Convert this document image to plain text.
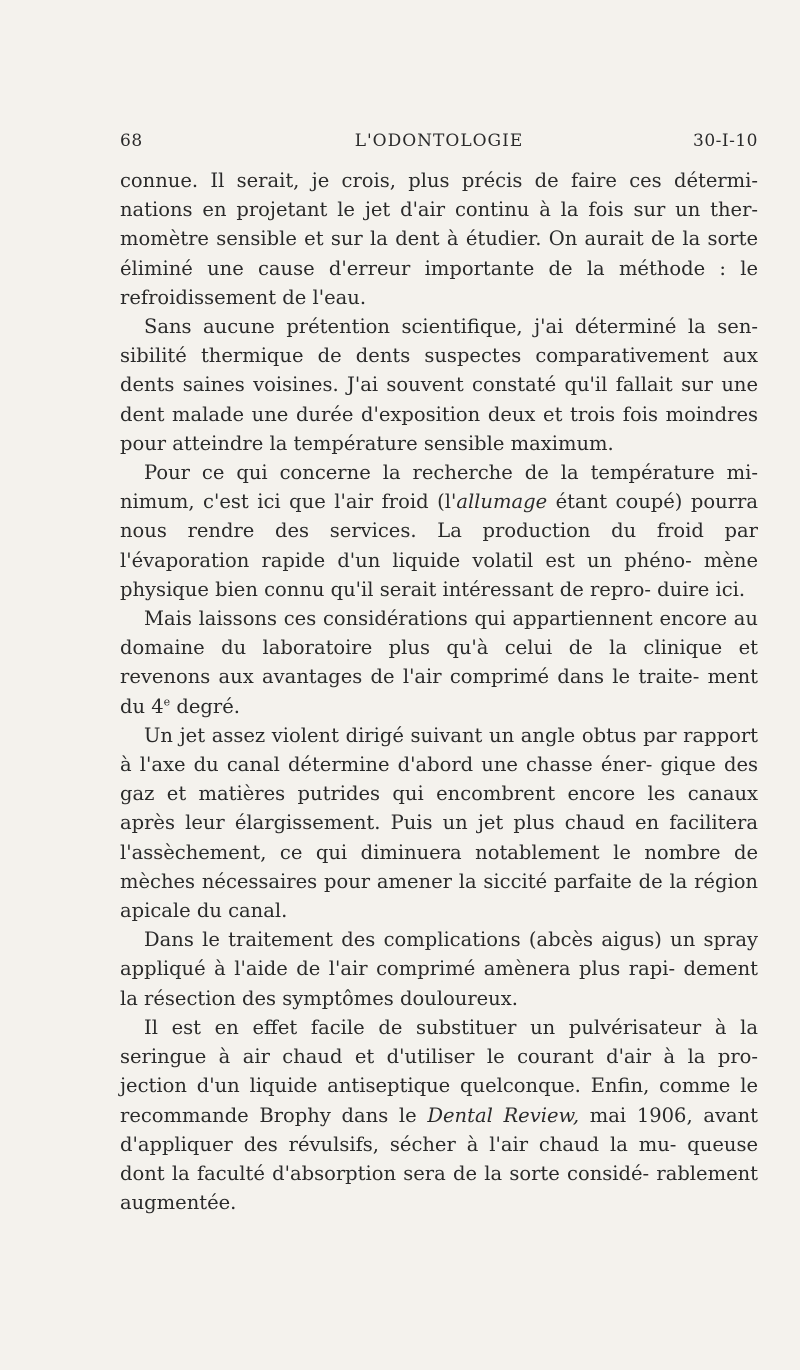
68	L'ODONTOLOGIE	30-I-10

connue. Il serait, je crois, plus précis de faire ces détermi- nations en projetant le jet d'air continu à la fois sur un ther- momètre sensible et sur la dent à étudier. On aurait de la sorte éliminé une cause d'erreur importante de la méthode : le refroidissement de l'eau.

Sans aucune prétention scientifique, j'ai déterminé la sen- sibilité thermique de dents suspectes comparativement aux dents saines voisines. J'ai souvent constaté qu'il fallait sur une dent malade une durée d'exposition deux et trois fois moindres pour atteindre la température sensible maximum.

Pour ce qui concerne la recherche de la température mi- nimum, c'est ici que l'air froid (l'allumage étant coupé) pourra nous rendre des services. La production du froid par l'évaporation rapide d'un liquide volatil est un phéno- mène physique bien connu qu'il serait intéressant de repro- duire ici.

Mais laissons ces considérations qui appartiennent encore au domaine du laboratoire plus qu'à celui de la clinique et revenons aux avantages de l'air comprimé dans le traite- ment du 4e degré.

Un jet assez violent dirigé suivant un angle obtus par rapport à l'axe du canal détermine d'abord une chasse éner- gique des gaz et matières putrides qui encombrent encore les canaux après leur élargissement. Puis un jet plus chaud en facilitera l'assèchement, ce qui diminuera notablement le nombre de mèches nécessaires pour amener la siccité parfaite de la région apicale du canal.

Dans le traitement des complications (abcès aigus) un spray appliqué à l'aide de l'air comprimé amènera plus rapi- dement la résection des symptômes douloureux.

Il est en effet facile de substituer un pulvérisateur à la seringue à air chaud et d'utiliser le courant d'air à la pro- jection d'un liquide antiseptique quelconque. Enfin, comme le recommande Brophy dans le Dental Review, mai 1906, avant d'appliquer des révulsifs, sécher à l'air chaud la mu- queuse dont la faculté d'absorption sera de la sorte considé- rablement augmentée.
